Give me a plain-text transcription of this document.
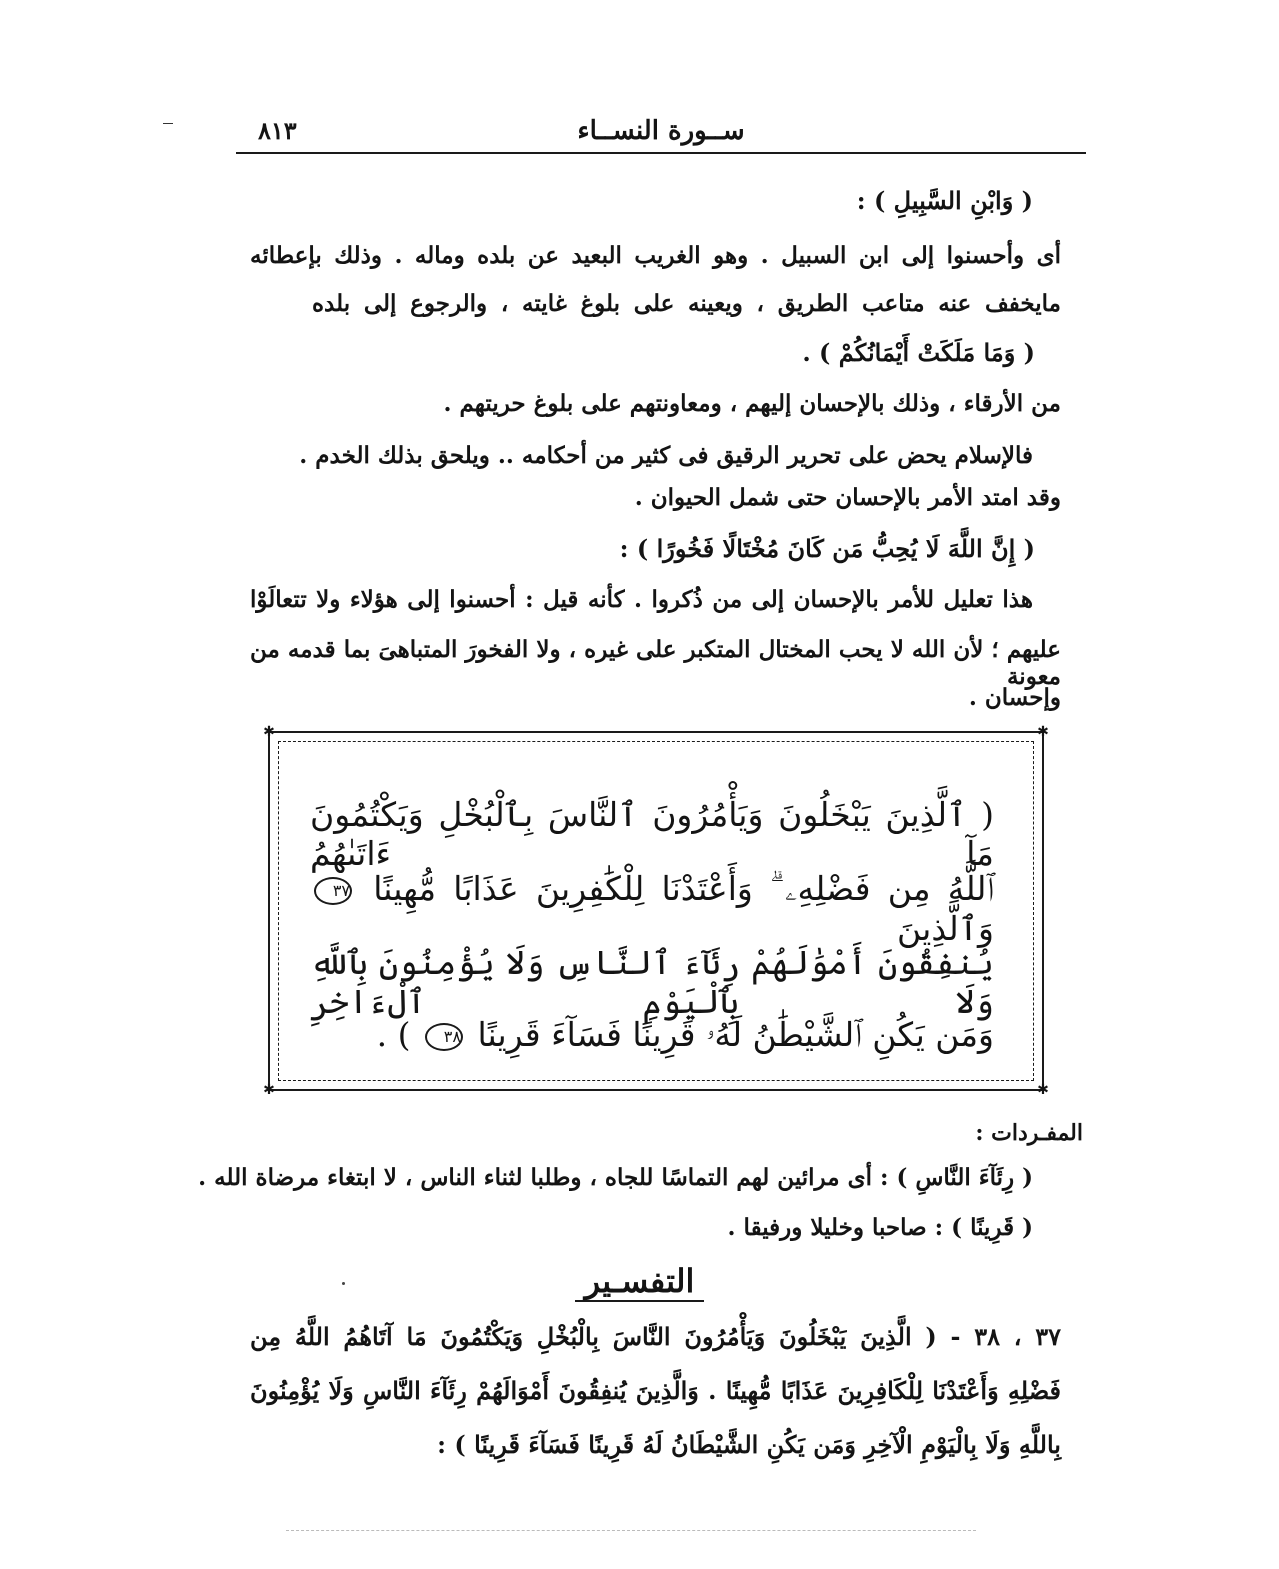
ســورة النســاء
٨١٣
( وَابْنِ السَّبِيلِ ) :
أى وأحسنوا إلى ابن السبيل . وهو الغريب البعيد عن بلده وماله . وذلك بإعطائه
مايخفف عنه متاعب الطريق ، ويعينه على بلوغ غايته ، والرجوع إلى بلده
( وَمَا مَلَكَتْ أَيْمَانُكُمْ ) .
من الأرقاء ، وذلك بالإحسان إليهم ، ومعاونتهم على بلوغ حريتهم .
فالإسلام يحض على تحرير الرقيق فى كثير من أحكامه .. ويلحق بذلك الخدم .
وقد امتد الأمر بالإحسان حتى شمل الحيوان .
( إِنَّ اللَّهَ لَا يُحِبُّ مَن كَانَ مُخْتَالًا فَخُورًا ) :
هذا تعليل للأمر بالإحسان إلى من ذُكروا . كأنه قيل : أحسنوا إلى هؤلاء ولا تتعالَوْا
عليهم ؛ لأن الله لا يحب المختال المتكبر على غيره ، ولا الفخورَ المتباهىَ بما قدمه من معونة
وإحسان .
✱	✱
✱	✱
( ٱلَّذِينَ يَبْخَلُونَ وَيَأْمُرُونَ ٱلنَّاسَ بِٱلْبُخْلِ وَيَكْتُمُونَ مَآ ءَاتَىٰهُمُ
ٱللَّهُ مِن فَضْلِهِۦ ۗ وَأَعْتَدْنَا لِلْكَٰفِرِينَ عَذَابًا مُّهِينًا ٣٧ وَٱلَّذِينَ
يُنفِقُونَ أَمْوَٰلَهُمْ رِئَآءَ ٱلنَّاسِ وَلَا يُؤْمِنُونَ بِٱللَّهِ وَلَا بِٱلْيَوْمِ ٱلْءَاخِرِ
وَمَن يَكُنِ ٱلشَّيْطَٰنُ لَهُۥ قَرِينًا فَسَآءَ قَرِينًا ٣٨ ) .
المفـردات :
( رِئَآءَ النَّاسِ ) : أى مرائين لهم التماسًا للجاه ، وطلبا لثناء الناس ، لا ابتغاء مرضاة الله .
( قَرِينًا ) : صاحبا وخليلا ورفيقا .
التفسـير
٣٧ ، ٣٨ - ( الَّذِينَ يَبْخَلُونَ وَيَأْمُرُونَ النَّاسَ بِالْبُخْلِ وَيَكْتُمُونَ مَا آتَاهُمُ اللَّهُ مِن
فَضْلِهِ وَأَعْتَدْنَا لِلْكَافِرِينَ عَذَابًا مُّهِينًا . وَالَّذِينَ يُنفِقُونَ أَمْوَالَهُمْ رِئَآءَ النَّاسِ وَلَا يُؤْمِنُونَ
بِاللَّهِ وَلَا بِالْيَوْمِ الْآخِرِ وَمَن يَكُنِ الشَّيْطَانُ لَهُ قَرِينًا فَسَآءَ قَرِينًا ) :
